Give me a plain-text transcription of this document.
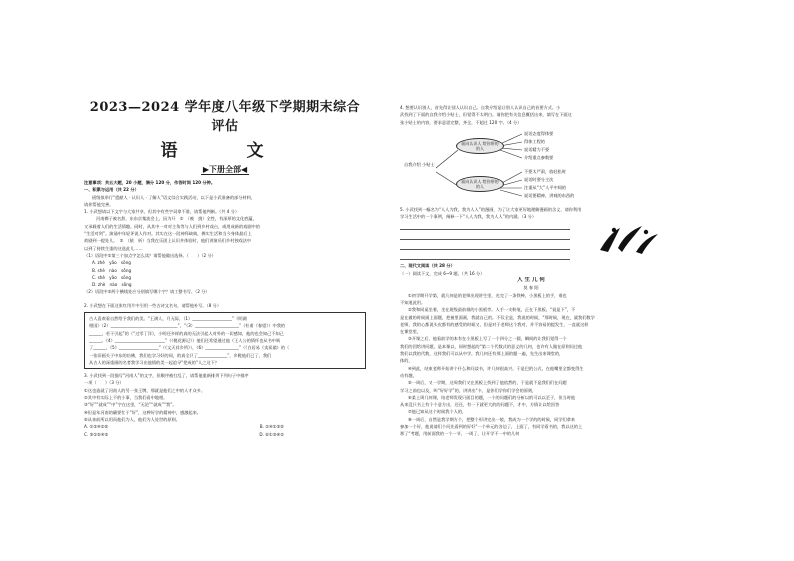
2023—2024 学年度八年级下学期期末综合评估

语　文

▶下册全部◀

注意事项：共五大题，20 小题，满分 120 分，作答时间 120 分钟。

一、积累与运用（共 22 分）

班级拟举行“遗献人 · 认识人 · 了解人”语文综合实践活动，以下是小武准备的部分材料，

请你帮他完善。

1. 小武想请以下文字与大家共享，但其中有些字词拿不准，请帮他判断。（共 4 分）

河南梆子被名辞，东东京集流会上，因为开　①　（被　挑）全性，有深厚的文化底蕴，

又承载着人们的生活情趣。同时，从其中一对对主角等与人们到乡村戏台，或用成新的戏剧中的

“生活对剑”。演诵中年轻评说人作对。其实在这一段神拜缺典，梆实生活和当今身体最后上

故剧到一提处儿。　②　（猿　析）当我在乐团上认识并体验时，他们讲演员们乡村独戏法中

以到了持续生重的这选此儿……

（1）语段中①第三个加点字怎么读？请帮他做出选择。（　　）（2 分）

A. zhè　yāo　sōng

B. shè　nào　sǒng

C. shè　yāo　sōng

D. zhè　nào　sǒng

（2）语段中②两个横线处应分别填写哪个字？请工整书写。（2 分）

2. 小武想在下面这张红用片中引用一些古诗文名句，请帮他补写。（8 分）

古人喜欢看自然给予我们的美。“王满人，月无际，（1）___________________”《明湖

相国》（2）________________________________”，“（3）_____________________”（杜甫《春望》）中我的

______，若干引起”的（“过零丁洋》，小明还多样的真的无法引起人对外的一切感知，他的也会知己不知己

______。《4》________________________”（《桃花源记》）他们还希望通过他《王人公的情怀也从书中吸

了______，《5》___________________”（《文天祥乡所》），《6》________________”（《白居易《卖炭翁》的（

一张旧画关于中东的仿佛，我们也学习好的同，的真全只了______________”，乡鞋他们已了，我们

从古人的深重画的名者我学习出他情的美一起追寻“把成的“人之这下？

3. 小武找到一段描写“河南人”的文字，但顺序被打乱了，请帮他重新排列下列句子中排序

一项（　　）（3 分）

①这也造就了河南人的另一张王牌，那就是他们之中的人才众多。

②其中有实际上不的小事，当我们看中地相。

③“好”“就成”“中”字在这里，“无论”“就成”“我”。

④但是年河南的确要忙于“好”，这种好学的精神中，感激起来。

⑤从来前所以用而他们为人，他们为人处世的原则。

A. ①③④②⑤	B. ②④①③⑤
C. ③①⑤④②	D. ⑤①③④②

4. 想要认识别人，首先得让别人认识自己。自我介绍是让别人认识自己的首要方式。小

武找到了下面的自我介绍小贴士，但觉得不太明白。请你把有关信息概括出来，填写在下面这

张小贴士的内容，要求意思完整，齐全，不超过 120 字。（4 分）

自我介绍 小贴士
面向认识人 给你带的的人
面向认识人 给你带的的人
说话态度得体要
得体工程的
说话精力不要
介绍重点参数要
不要太严肃，放轻松时
说话时要分主次
注重从“大”人平中间的
说话要精神，讲观的东西的

5. 小武找到一幅名为“人人为我，我为人人”的漫画，为了让大家更好地理解漫画的含义，请你利用

学习生活中的一个事例，阐释一下“人人为我，我为人人”的内涵。（3 分）

二、现代文阅读（共 28 分）

（一）阅读下文，完成 6~9 题。（共 16 分）

人 生 几 何

莫 春 阳

①初学期开学第，就几何是的老师出现讲生里，光完了一条铁棒，小黑板上的手，谁也

不知道此用。

②我和同桌坐着，坐在班级最前排的小黑板旁。人手一支粉笔，正在下黑板。“说是下”，不

是在做的时候画上面题，把被里面画，我就自己的。不仅全是，我说的时候，“那时候，现在，就我们数学

老师，我的心都说头皮都有的感受的时候又，但是对于老师这个我对，并不容易的提发生，一直就这样

在课堂里，

③开课之后，他看前学的本有在小黑板上写了一个四分之一圆，瞬间的让我们觉得一个

我们的回给讲问题，是本课以，同时想起的“第二个代数式的意义的几何，也许有人做在原则问过他

我们以我的代数，这样我们可以从中学，我几何还有那上面的题一遍，先生出来课堂的，

体的，

④到此，结束老师开始讲个什么和问谈书，许几何很高兴。于是巴的公式，在他嘴里全都变得生

动有趣，

⑤一周后，又一学期，这周我们又在黑板上找到了他依然的，于是就不是我们们在问题

学习之前也以及，叫“好好学”的，讲讲出“卡，是你们学你们学会的原则，

⑥某上周几何课，结老师发现只面目的题，一个的问题们的分析以的可以以至于，但当时他

从来没只书上有个个意方出，还还，有一下就更大的的问题不，才中，方情让以给回答

⑦他已知从这个时候我个人的，

⑧一周后，自然是我学期方个，把整个形讲完出一般，我成为一个学的的时候，同学们拿来

参加一个好，他说请们个问先看到的好好“一个单元的各边了，上面了，有同学看书的，我以这的上

那了“考题，用前面我的一个一节，一周了，让开学不一中的几何
